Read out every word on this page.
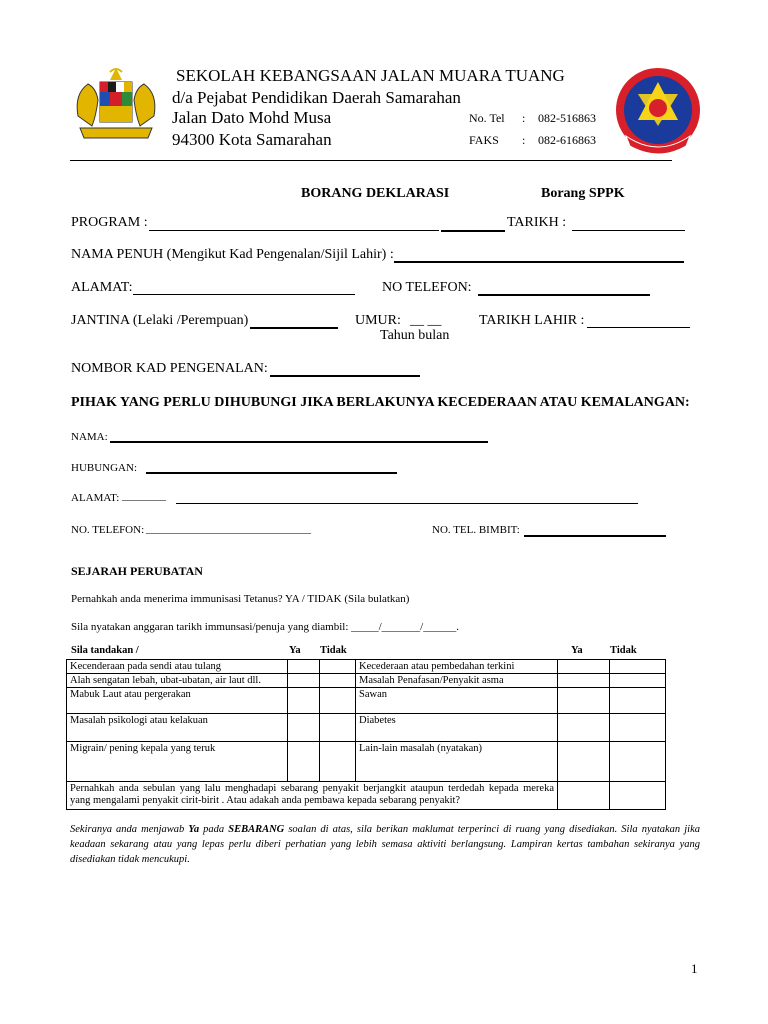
SEKOLAH KEBANGSAAN JALAN MUARA TUANG
d/a Pejabat Pendidikan Daerah Samarahan
Jalan Dato Mohd Musa
94300 Kota Samarahan
No. Tel : 082-516863
FAKS : 082-616863
BORANG DEKLARASI	Borang SPPK
PROGRAM :	TARIKH :
NAMA PENUH (Mengikut Kad Pengenalan/Sijil Lahir) :
ALAMAT:	NO TELEFON:
JANTINA (Lelaki /Perempuan)	UMUR: __ __
Tahun bulan
TARIKH LAHIR :
NOMBOR KAD PENGENALAN:
PIHAK YANG PERLU DIHUBUNGI JIKA BERLAKUNYA KECEDERAAN ATAU KEMALANGAN:
NAMA:
HUBUNGAN:
ALAMAT: ________
NO. TELEFON: ______________________________	NO. TEL. BIMBIT:
SEJARAH PERUBATAN
Pernahkah anda menerima immunisasi Tetanus? YA / TIDAK (Sila bulatkan)
Sila nyatakan anggaran tarikh immunsasi/penuja yang diambil: _____/_______/______.
Sila tandakan /	Ya Tidak	Ya	Tidak
Kecenderaan pada sendi atau tulang			Kecederaan atau pembedahan terkini		
Alah sengatan lebah, ubat-ubatan, air laut dll.			Masalah Penafasan/Penyakit asma		
Mabuk Laut atau pergerakan			Sawan		
Masalah psikologi atau kelakuan			Diabetes		
Migrain/ pening kepala yang teruk			Lain-lain masalah (nyatakan)		
Pernahkah anda sebulan yang lalu menghadapi sebarang penyakit berjangkit ataupun terdedah kepada mereka yang mengalami penyakit cirit-birit . Atau adakah anda pembawa kepada sebarang penyakit?					
Sekiranya anda menjawab Ya pada SEBARANG soalan di atas, sila berikan maklumat terperinci di ruang yang disediakan. Sila nyatakan jika keadaan sekarang atau yang lepas perlu diberi perhatian yang lebih semasa aktiviti berlangsung. Lampiran kertas tambahan sekiranya yang disediakan tidak mencukupi.
1
